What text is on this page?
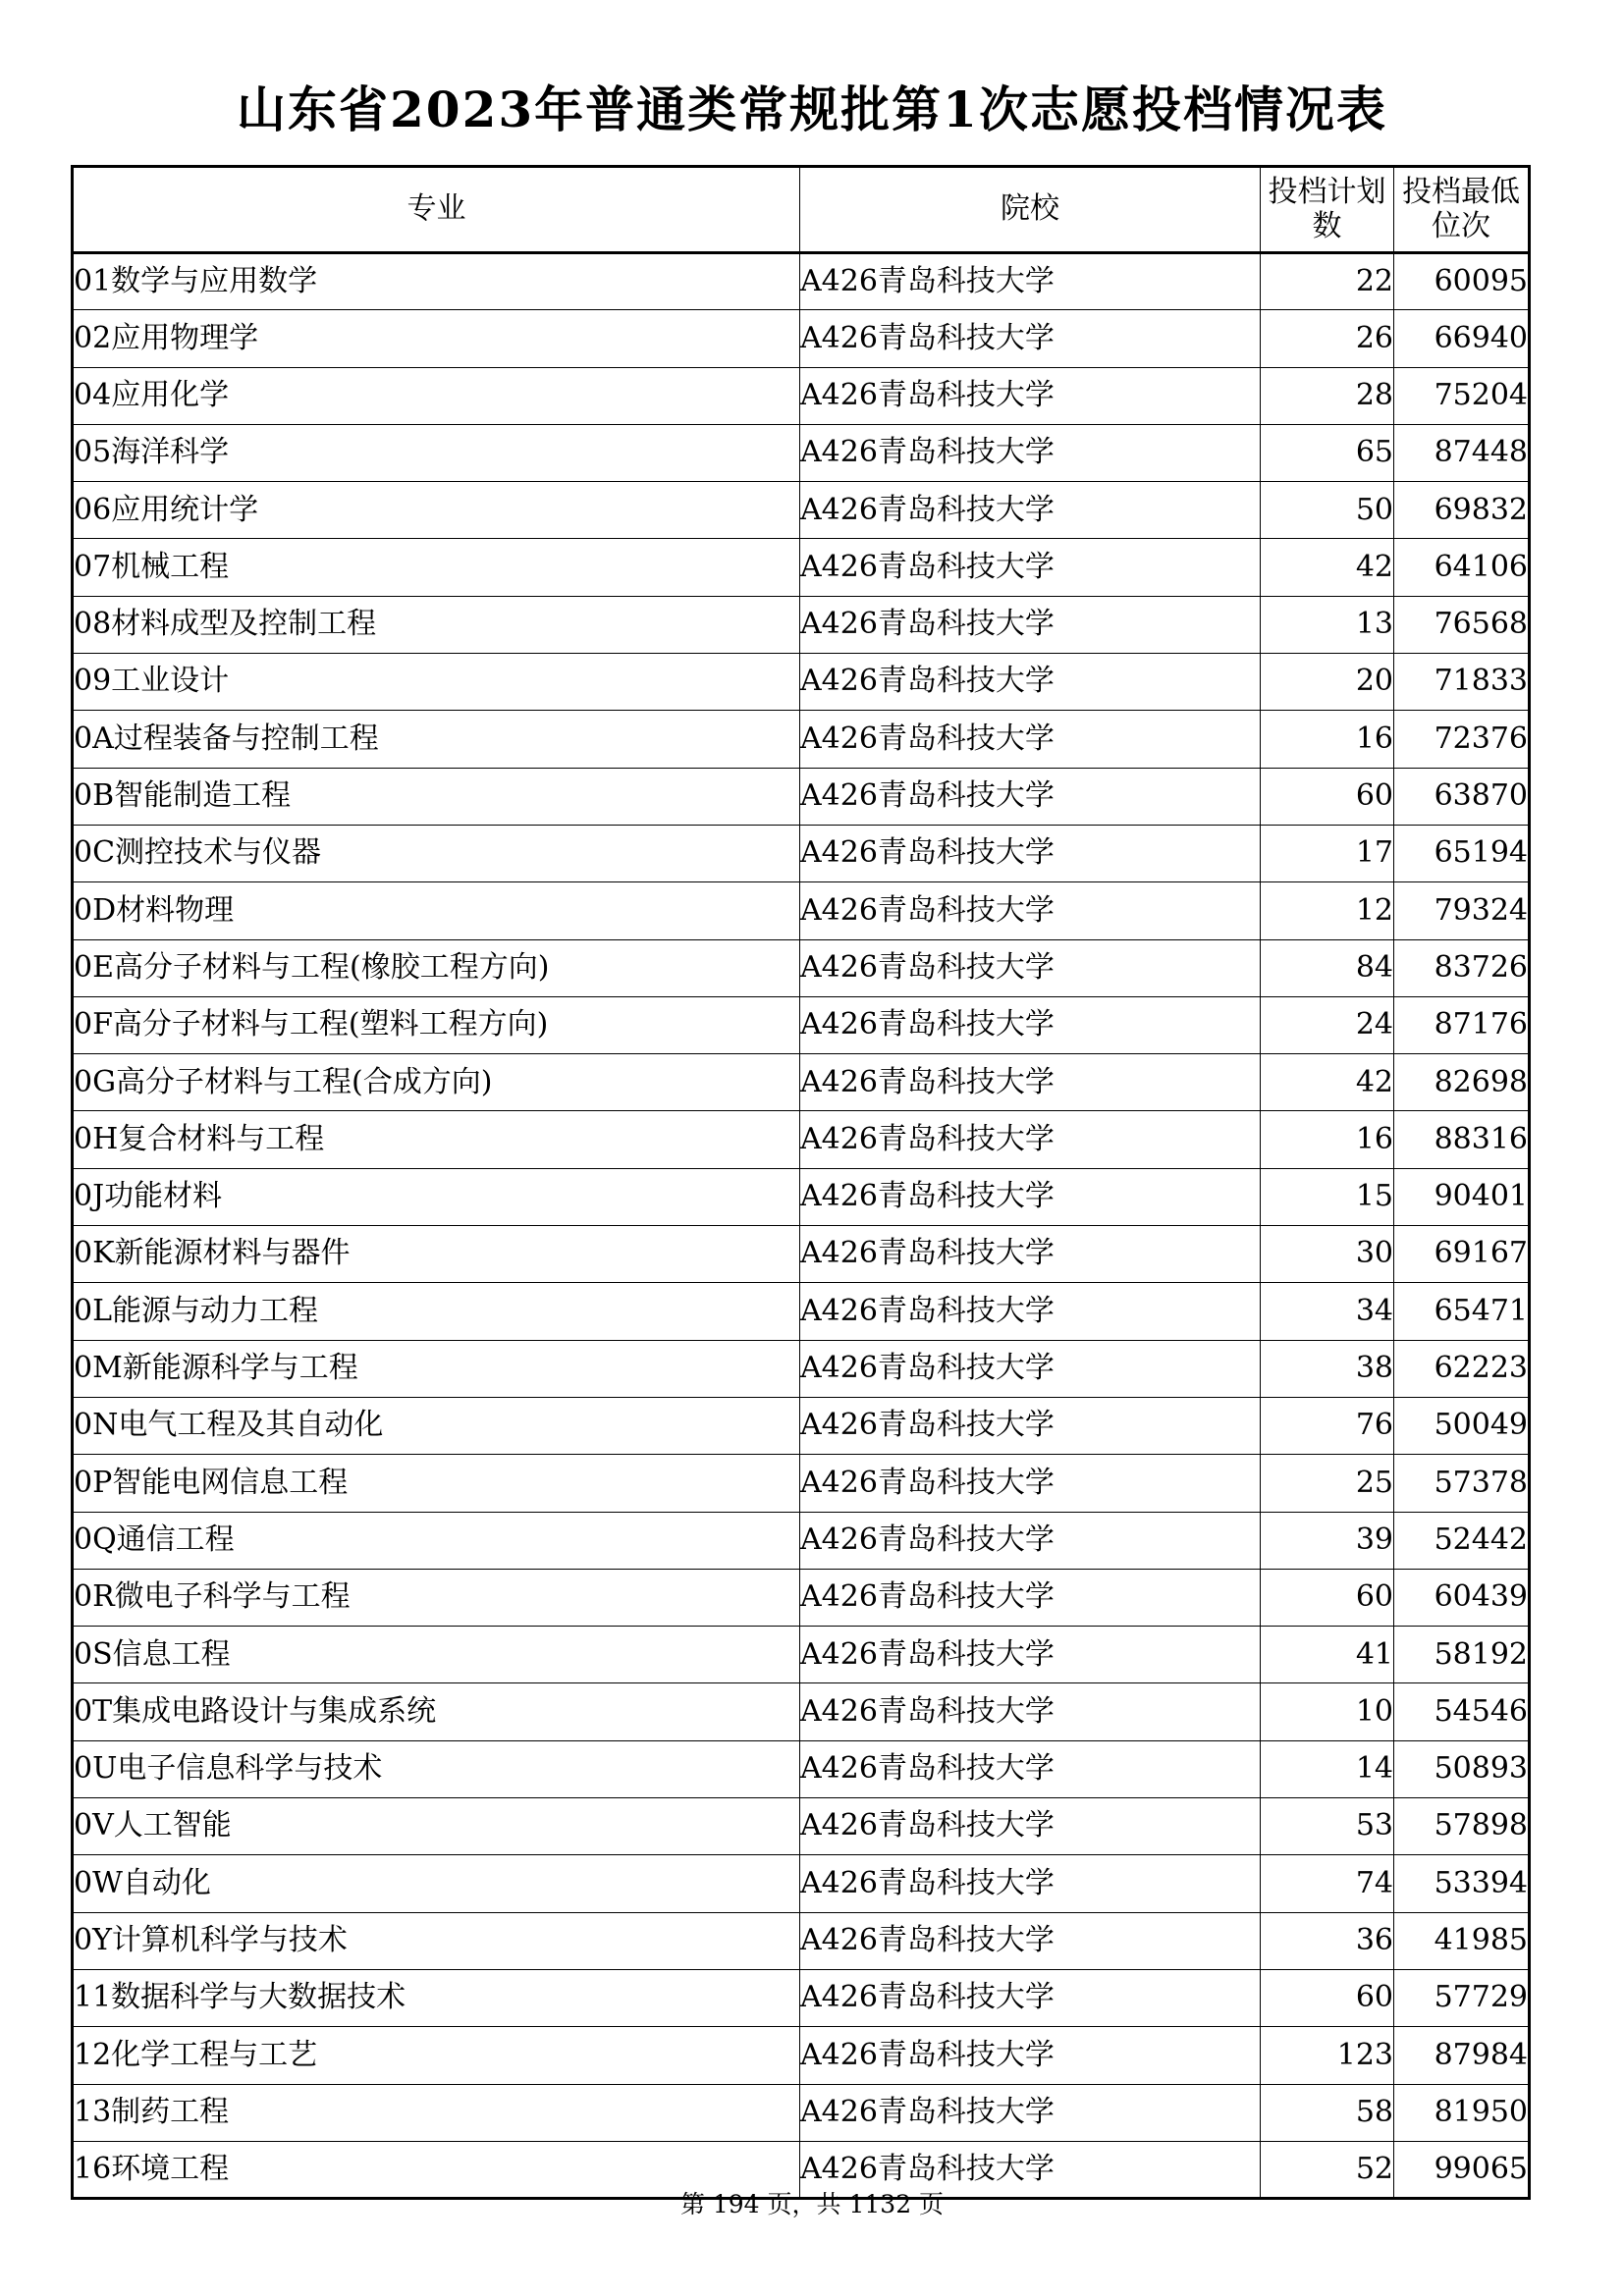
山东省2023年普通类常规批第1次志愿投档情况表
专业	院校	投档计划数	投档最低位次
01数学与应用数学	A426青岛科技大学	22	60095
02应用物理学	A426青岛科技大学	26	66940
04应用化学	A426青岛科技大学	28	75204
05海洋科学	A426青岛科技大学	65	87448
06应用统计学	A426青岛科技大学	50	69832
07机械工程	A426青岛科技大学	42	64106
08材料成型及控制工程	A426青岛科技大学	13	76568
09工业设计	A426青岛科技大学	20	71833
0A过程装备与控制工程	A426青岛科技大学	16	72376
0B智能制造工程	A426青岛科技大学	60	63870
0C测控技术与仪器	A426青岛科技大学	17	65194
0D材料物理	A426青岛科技大学	12	79324
0E高分子材料与工程(橡胶工程方向)	A426青岛科技大学	84	83726
0F高分子材料与工程(塑料工程方向)	A426青岛科技大学	24	87176
0G高分子材料与工程(合成方向)	A426青岛科技大学	42	82698
0H复合材料与工程	A426青岛科技大学	16	88316
0J功能材料	A426青岛科技大学	15	90401
0K新能源材料与器件	A426青岛科技大学	30	69167
0L能源与动力工程	A426青岛科技大学	34	65471
0M新能源科学与工程	A426青岛科技大学	38	62223
0N电气工程及其自动化	A426青岛科技大学	76	50049
0P智能电网信息工程	A426青岛科技大学	25	57378
0Q通信工程	A426青岛科技大学	39	52442
0R微电子科学与工程	A426青岛科技大学	60	60439
0S信息工程	A426青岛科技大学	41	58192
0T集成电路设计与集成系统	A426青岛科技大学	10	54546
0U电子信息科学与技术	A426青岛科技大学	14	50893
0V人工智能	A426青岛科技大学	53	57898
0W自动化	A426青岛科技大学	74	53394
0Y计算机科学与技术	A426青岛科技大学	36	41985
11数据科学与大数据技术	A426青岛科技大学	60	57729
12化学工程与工艺	A426青岛科技大学	123	87984
13制药工程	A426青岛科技大学	58	81950
16环境工程	A426青岛科技大学	52	99065
第 194 页，共 1132 页
